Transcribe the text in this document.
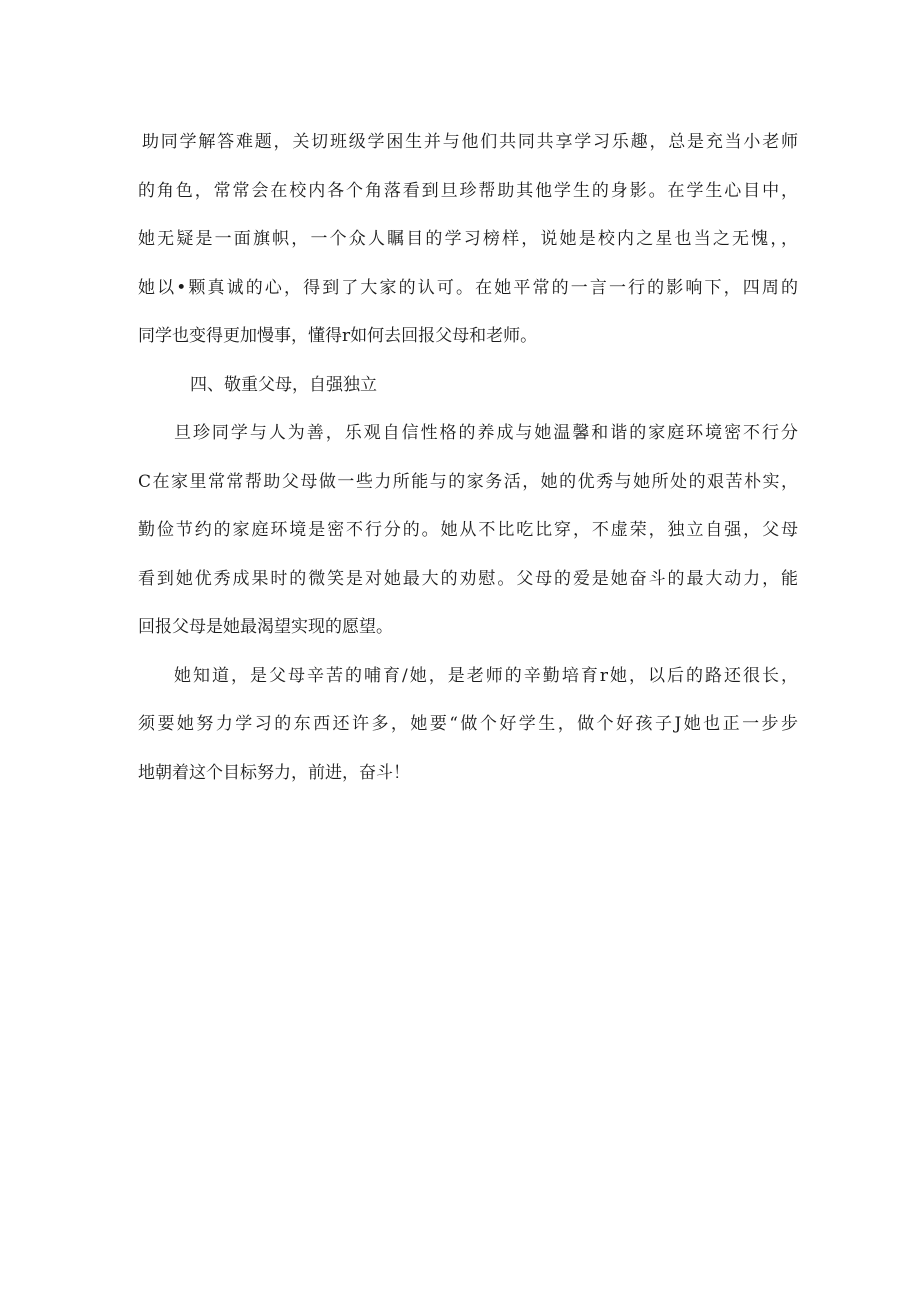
助同学解答难题，关切班级学困生并与他们共同共享学习乐趣，总是充当小老师
的角色，常常会在校内各个角落看到旦珍帮助其他学生的身影。在学生心目中，
她无疑是一面旗帜，一个众人瞩目的学习榜样，说她是校内之星也当之无愧，，
她以•颗真诚的心，得到了大家的认可。在她平常的一言一行的影响下，四周的
同学也变得更加慢事，懂得r如何去回报父母和老师。
四、敬重父母，自强独立
旦珍同学与人为善，乐观自信性格的养成与她温馨和谐的家庭环境密不行分
C在家里常常帮助父母做一些力所能与的家务活，她的优秀与她所处的艰苦朴实，
勤俭节约的家庭环境是密不行分的。她从不比吃比穿，不虚荣，独立自强，父母
看到她优秀成果时的微笑是对她最大的劝慰。父母的爱是她奋斗的最大动力，能
回报父母是她最渴望实现的愿望。
她知道，是父母辛苦的哺育/她，是老师的辛勤培育r她，以后的路还很长，
须要她努力学习的东西还许多，她要“做个好学生，做个好孩子J她也正一步步
地朝着这个目标努力，前进，奋斗！
